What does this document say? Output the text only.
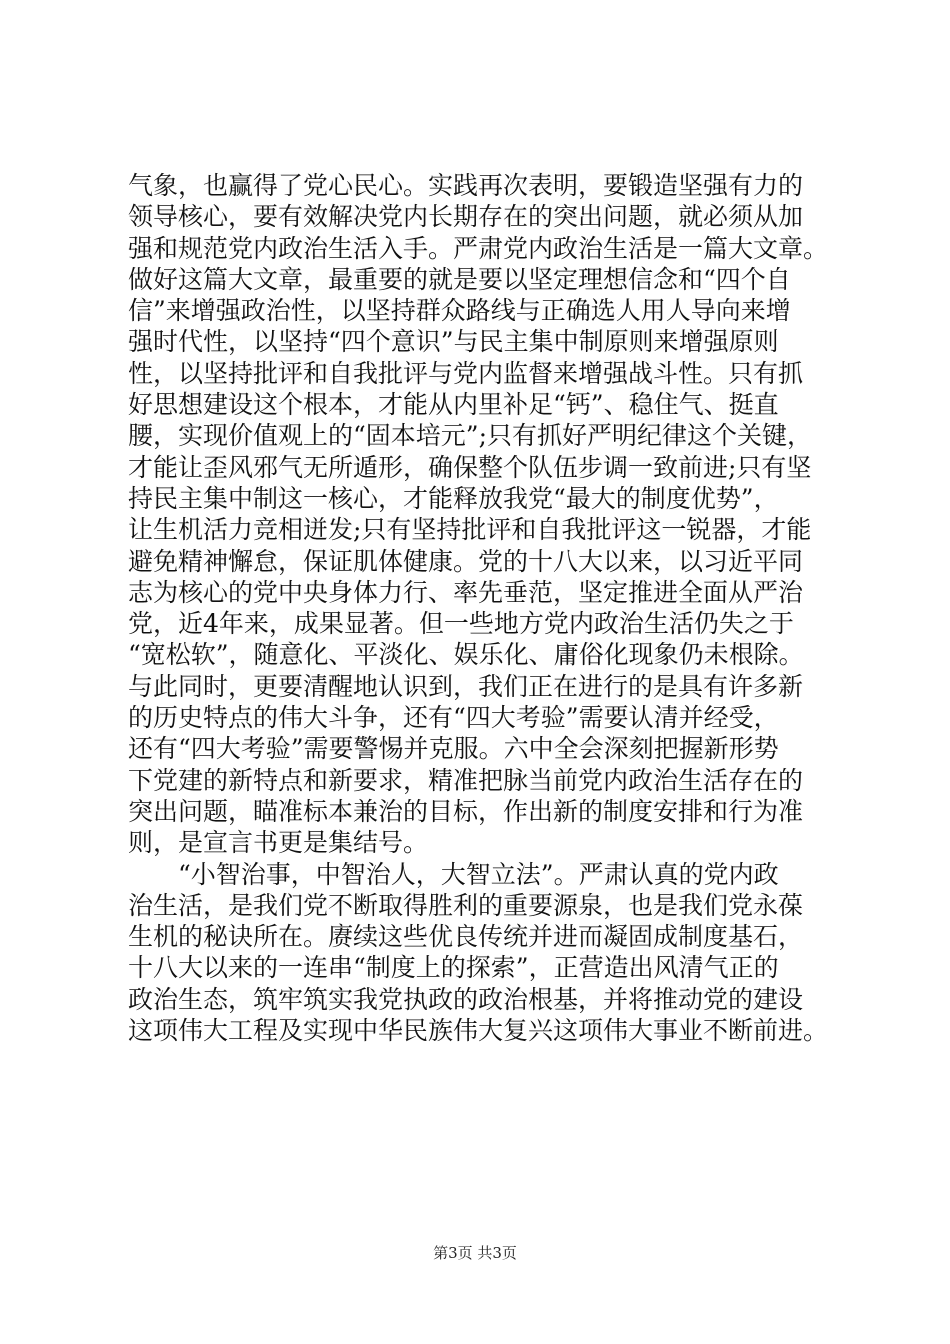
气象，也赢得了党心民心。实践再次表明，要锻造坚强有力的
领导核心，要有效解决党内长期存在的突出问题，就必须从加
强和规范党内政治生活入手。严肃党内政治生活是一篇大文章。
做好这篇大文章，最重要的就是要以坚定理想信念和“四个自
信”来增强政治性，以坚持群众路线与正确选人用人导向来增
强时代性，以坚持“四个意识”与民主集中制原则来增强原则
性，以坚持批评和自我批评与党内监督来增强战斗性。只有抓
好思想建设这个根本，才能从内里补足“钙”、稳住气、挺直
腰，实现价值观上的“固本培元”;只有抓好严明纪律这个关键，
才能让歪风邪气无所遁形，确保整个队伍步调一致前进;只有坚
持民主集中制这一核心，才能释放我党“最大的制度优势”，
让生机活力竞相迸发;只有坚持批评和自我批评这一锐器，才能
避免精神懈怠，保证肌体健康。党的十八大以来，以习近平同
志为核心的党中央身体力行、率先垂范，坚定推进全面从严治
党，近4年来，成果显著。但一些地方党内政治生活仍失之于
“宽松软”，随意化、平淡化、娱乐化、庸俗化现象仍未根除。
与此同时，更要清醒地认识到，我们正在进行的是具有许多新
的历史特点的伟大斗争，还有“四大考验”需要认清并经受，
还有“四大考验”需要警惕并克服。六中全会深刻把握新形势
下党建的新特点和新要求，精准把脉当前党内政治生活存在的
突出问题，瞄准标本兼治的目标，作出新的制度安排和行为准
则，是宣言书更是集结号。
“小智治事，中智治人，大智立法”。严肃认真的党内政
治生活，是我们党不断取得胜利的重要源泉，也是我们党永葆
生机的秘诀所在。赓续这些优良传统并进而凝固成制度基石，
十八大以来的一连串“制度上的探索”，正营造出风清气正的
政治生态，筑牢筑实我党执政的政治根基，并将推动党的建设
这项伟大工程及实现中华民族伟大复兴这项伟大事业不断前进。
第3页 共3页
